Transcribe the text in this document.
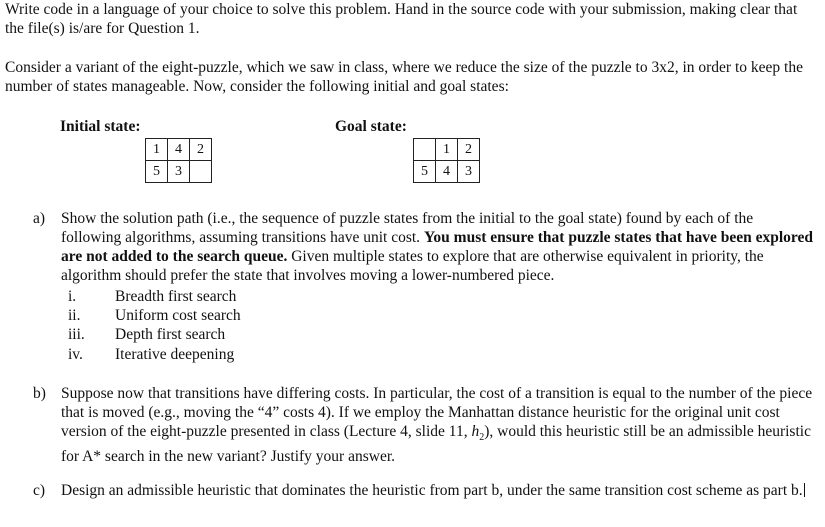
Write code in a language of your choice to solve this problem. Hand in the source code with your submission, making clear that the file(s) is/are for Question 1.
Consider a variant of the eight-puzzle, which we saw in class, where we reduce the size of the puzzle to 3x2, in order to keep the number of states manageable. Now, consider the following initial and goal states:
Initial state:
1	4	2
5	3	
Goal state:
	1	2
5	4	3
a) Show the solution path (i.e., the sequence of puzzle states from the initial to the goal state) found by each of the following algorithms, assuming transitions have unit cost. You must ensure that puzzle states that have been explored are not added to the search queue. Given multiple states to explore that are otherwise equivalent in priority, the algorithm should prefer the state that involves moving a lower-numbered piece.
i.	Breadth first search
ii.	Uniform cost search
iii.	Depth first search
iv.	Iterative deepening
b) Suppose now that transitions have differing costs. In particular, the cost of a transition is equal to the number of the piece that is moved (e.g., moving the “4” costs 4). If we employ the Manhattan distance heuristic for the original unit cost version of the eight-puzzle presented in class (Lecture 4, slide 11, $h_2$), would this heuristic still be an admissible heuristic for A* search in the new variant? Justify your answer.
c) Design an admissible heuristic that dominates the heuristic from part b, under the same transition cost scheme as part b.
